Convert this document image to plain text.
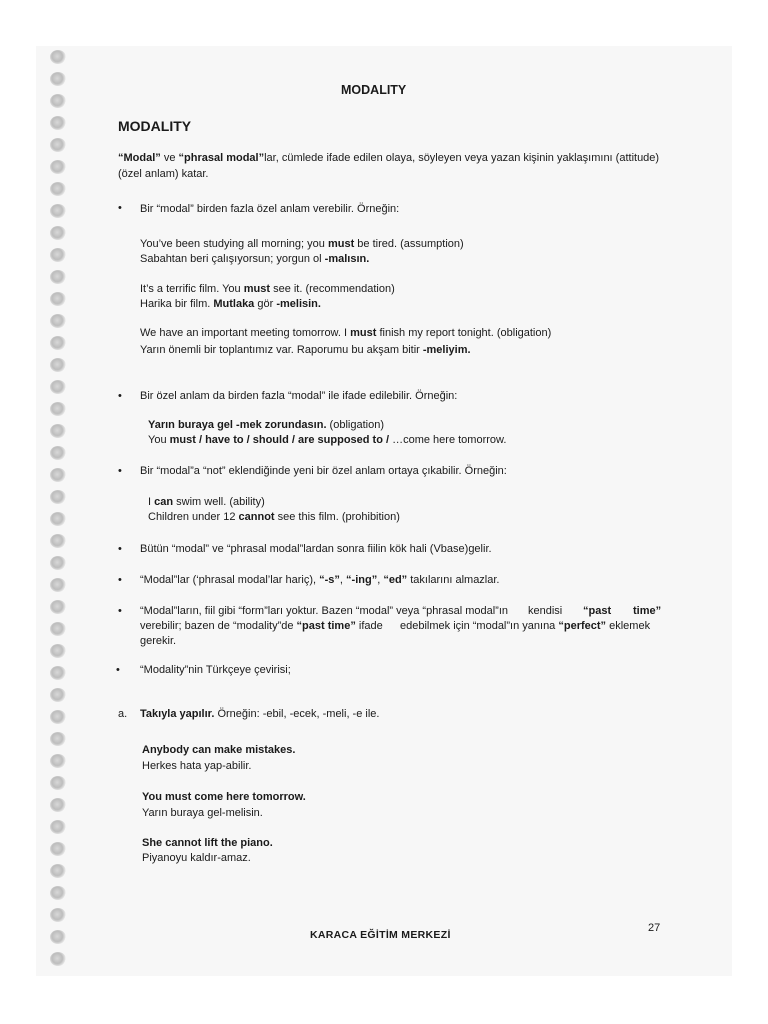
MODALITY
MODALITY
“Modal” ve “phrasal modal”lar, cümlede ifade edilen olaya, söyleyen veya yazan kişinin yaklaşımını (attitude)
(özel anlam) katar.
• Bir “modal” birden fazla özel anlam verebilir. Örneğin:
You’ve been studying all morning; you must be tired. (assumption)
Sabahtan beri çalışıyorsun; yorgun ol -malısın.
It’s a terrific film. You must see it. (recommendation)
Harika bir film. Mutlaka gör -melisin.
We have an important meeting tomorrow. I must finish my report tonight. (obligation)
Yarın önemli bir toplantımız var. Raporumu bu akşam bitir -meliyim.
• Bir özel anlam da birden fazla “modal” ile ifade edilebilir. Örneğin:
Yarın buraya gel -mek zorundasın. (obligation)
You must / have to / should / are supposed to / …come here tomorrow.
• Bir “modal”a “not” eklendiğinde yeni bir özel anlam ortaya çıkabilir. Örneğin:
I can swim well. (ability)
Children under 12 cannot see this film. (prohibition)
• Bütün “modal” ve “phrasal modal”lardan sonra fiilin kök hali (Vbase)gelir.
• “Modal”lar (‘phrasal modal’lar hariç), “-s”, “-ing”, “ed” takılarını almazlar.
• “Modal”ların, fiil gibi “form”ları yoktur. Bazen “modal” veya “phrasal modal”ın kendisi “past time”
verebilir; bazen de “modality”de “past time” ifade edebilmek için “modal”ın yanına “perfect” eklemek
gerekir.
• “Modality”nin Türkçeye çevirisi;
a. Takıyla yapılır. Örneğin: -ebil, -ecek, -meli, -e ile.
Anybody can make mistakes.
Herkes hata yap-abilir.
You must come here tomorrow.
Yarın buraya gel-melisin.
She cannot lift the piano.
Piyanoyu kaldır-amaz.
KARACA EĞİTİM MERKEZİ
27
